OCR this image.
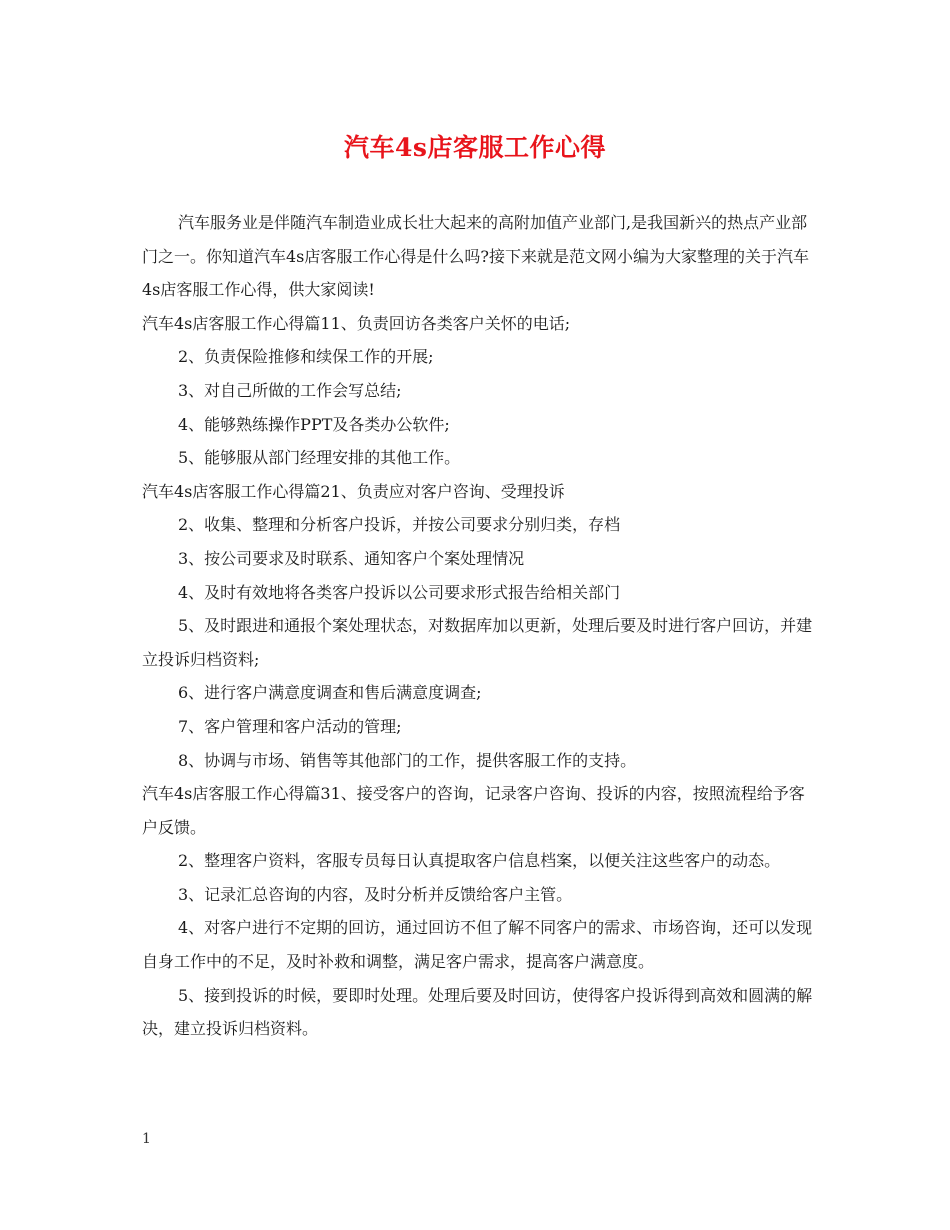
汽车4s店客服工作心得

汽车服务业是伴随汽车制造业成长壮大起来的高附加值产业部门,是我国新兴的热点产业部门之一。你知道汽车4s店客服工作心得是什么吗?接下来就是范文网小编为大家整理的关于汽车4s店客服工作心得，供大家阅读!

汽车4s店客服工作心得篇11、负责回访各类客户关怀的电话;

2、负责保险推修和续保工作的开展;

3、对自己所做的工作会写总结;

4、能够熟练操作PPT及各类办公软件;

5、能够服从部门经理安排的其他工作。

汽车4s店客服工作心得篇21、负责应对客户咨询、受理投诉

2、收集、整理和分析客户投诉，并按公司要求分别归类，存档

3、按公司要求及时联系、通知客户个案处理情况

4、及时有效地将各类客户投诉以公司要求形式报告给相关部门

5、及时跟进和通报个案处理状态，对数据库加以更新，处理后要及时进行客户回访，并建立投诉归档资料;

6、进行客户满意度调查和售后满意度调查;

7、客户管理和客户活动的管理;

8、协调与市场、销售等其他部门的工作，提供客服工作的支持。

汽车4s店客服工作心得篇31、接受客户的咨询，记录客户咨询、投诉的内容，按照流程给予客户反馈。

2、整理客户资料，客服专员每日认真提取客户信息档案，以便关注这些客户的动态。

3、记录汇总咨询的内容，及时分析并反馈给客户主管。

4、对客户进行不定期的回访，通过回访不但了解不同客户的需求、市场咨询，还可以发现自身工作中的不足，及时补救和调整，满足客户需求，提高客户满意度。

5、接到投诉的时候，要即时处理。处理后要及时回访，使得客户投诉得到高效和圆满的解决，建立投诉归档资料。

1
